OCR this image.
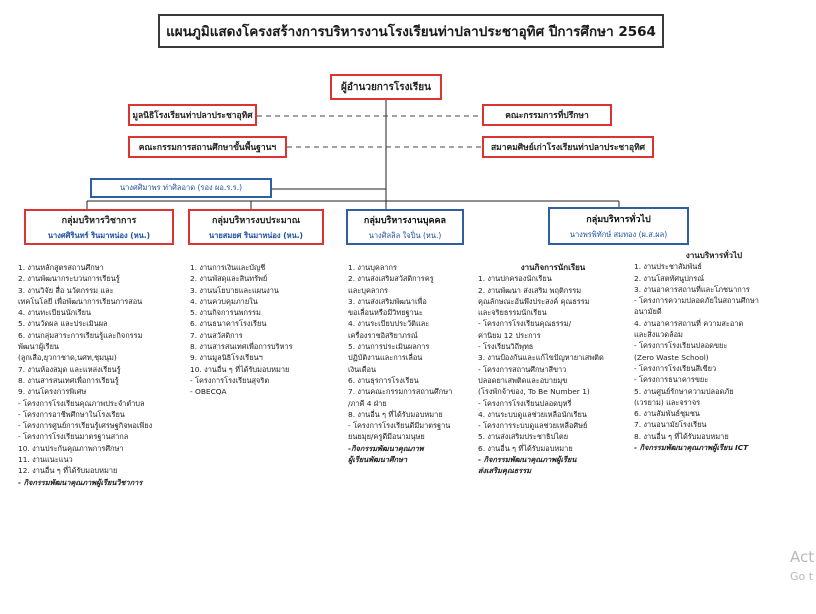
แผนภูมิแสดงโครงสร้างการบริหารงานโรงเรียนท่าปลาประชาอุทิศ ปีการศึกษา 2564
ผู้อำนวยการโรงเรียน
มูลนิธิโรงเรียนท่าปลาประชาอุทิศ	คณะกรรมการที่ปรึกษา
คณะกรรมการสถานศึกษาขั้นพื้นฐานฯ	สมาคมศิษย์เก่าโรงเรียนท่าปลาประชาอุทิศ
นางศศิมาพร ท่าศิลอาด (รอง ผอ.ร.ร.)
กลุ่มบริหารวิชาการ
นางศศิรินทร์ รินมาหน่อง (หน.)
กลุ่มบริหารงบประมาณ
นายสมยศ รินมาหน่อง (หน.)
กลุ่มบริหารงานบุคคล
นางศิลลิล ใจปิ่น (หน.)
กลุ่มบริหารทั่วไป
นางพรพิทักษ์ สมทอง (ผ.ส.ผล)
1. งานหลักสูตรสถานศึกษา
2. งานพัฒนากระบวนการเรียนรู้
3. งานวิจัย สื่อ นวัตกรรม และ
เทคโนโลยี เพื่อพัฒนาการเรียนการสอน
4. งานทะเบียนนักเรียน
5. งานวัดผล และประเมินผล
6. งานกลุ่มสาระการเรียนรู้และกิจกรรม
พัฒนาผู้เรียน
(ลูกเสือ,ยุวกาชาด,นศท,ชุมนุม)
7. งานห้องสมุด และแหล่งเรียนรู้
8. งานสารสนเทศเพื่อการเรียนรู้
9. งานโครงการพิเศษ
- โครงการโรงเรียนคุณภาพประจำตำบล
- โครงการอาชีพศึกษาในโรงเรียน
- โครงการศูนย์การเรียนรู้เศรษฐกิจพอเพียง
- โครงการโรงเรียนมาตรฐานสากล
10. งานประกันคุณภาพการศึกษา
11. งานแนะแนว
12. งานอื่น ๆ ที่ได้รับมอบหมาย
- กิจกรรมพัฒนาคุณภาพผู้เรียนวิชาการ
1. งานการเงินและบัญชี
2. งานพัสดุและสินทรัพย์
3. งานนโยบายและแผนงาน
4. งานควบคุมภายใน
5. งานกิจการนพกรรม
6. งานธนาคารโรงเรียน
7. งานสวัสดิการ
8. งานสารสนเทศเพื่อการบริหาร
9. งานมูลนิธิโรงเรียนฯ
10. งานอื่น ๆ ที่ได้รับมอบหมาย
- โครงการโรงเรียนสุจริต
- OBECQA
1. งานบุคลากร
2. งานส่งเสริมสวัสดิการครู
และบุคลากร
3. งานส่งเสริมพัฒนาเพื่อ
ขอเลื่อนหรือมีวิทยฐานะ
4. งานระเบียบประวัติและ
เครื่องราชอิสริยาภรณ์
5. งานการประเมินผลการ
ปฏิบัติงานและการเลื่อน
เงินเดือน
6. งานธุรการโรงเรียน
7. งานคณะกรรมการสถานศึกษา
/ภาคี 4 ฝ่าย
8. งานอื่น ๆ ที่ได้รับมอบหมาย
- โครงการโรงเรียนดีมีมาตรฐาน
ยนยมุย/ครูดีมีอนามนุษย
-กิจกรรมพัฒนาคุณภาพ
ผู้เรียนพัฒนาศึกษา
งานกิจการนักเรียน
1. งานปกครองนักเรียน
2. งานพัฒนา ส่งเสริม พฤติกรรม
คุณลักษณะอันพึงประสงค์ คุณธรรม
และจริยธรรมนักเรียน
- โครงการโรงเรียนคุณธรรม/
ค่านิยม 12 ประการ
- โรงเรียนวิถีพุทธ
3. งานป้องกันและแก้ไขปัญหายาเสพติด
- โครงการสถานศึกษาสีขาว
ปลอดยาเสพติดและอบายมุข
(โรงพักจ้าของ, To Be Number 1)
- โครงการโรงเรียนปลอดบุหรี่
4. งานระบบดูแลช่วยเหลือนักเรียน
- โครงการระบบดูแลช่วยเหลือศิษย์
5. งานส่งเสริมประชาธิปไตย
6. งานอื่น ๆ ที่ได้รับมอบหมาย
- กิจกรรมพัฒนาคุณภาพผู้เรียน
ส่งเสริมคุณธรรม
งานบริหารทั่วไป
1. งานประชาสัมพันธ์
2. งานโสตทัศนูปกรณ์
3. งานอาคารสถานที่และโภชนาการ
- โครงการความปลอดภัยในสถานศึกษา
อนามัยดี
4. งานอาคารสถานที่ ความสะอาด
และสิ่งแวดล้อม
- โครงการโรงเรียนปลอดขยะ
(Zero Waste School)
- โครงการโรงเรียนสีเขียว
- โครงการธนาคารขยะ
5. งานศูนย์รักษาความปลอดภัย
(เวรยาม) และจราจร
6. งานสัมพันธ์ชุมชน
7. งานอนามัยโรงเรียน
8. งานอื่น ๆ ที่ได้รับมอบหมาย
- กิจกรรมพัฒนาคุณภาพผู้เรียน ICT
Act
Go t
